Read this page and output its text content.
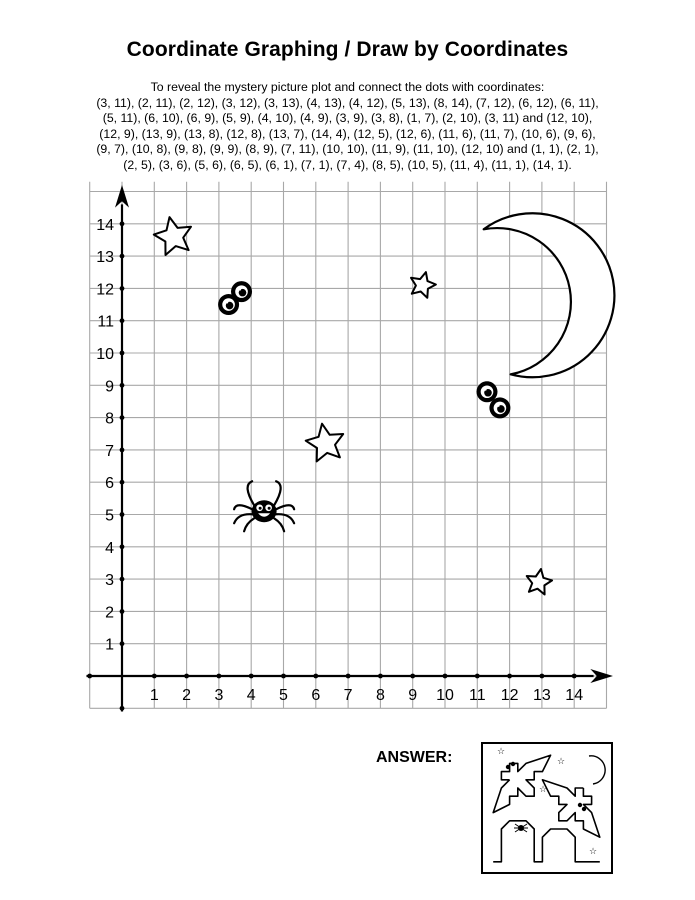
Coordinate Graphing / Draw by Coordinates

To reveal the mystery picture plot and connect the dots with coordinates:

(3, 11), (2, 11), (2, 12), (3, 12), (3, 13), (4, 13), (4, 12), (5, 13), (8, 14), (7, 12), (6, 12), (6, 11),

(5, 11), (6, 10), (6, 9), (5, 9), (4, 10), (4, 9), (3, 9), (3, 8), (1, 7), (2, 10), (3, 11) and (12, 10),

(12, 9), (13, 9), (13, 8), (12, 8), (13, 7), (14, 4), (12, 5), (12, 6), (11, 6), (11, 7), (10, 6), (9, 6),

(9, 7), (10, 8), (9, 8), (9, 9), (8, 9), (7, 11), (10, 10), (11, 9), (11, 10), (12, 10) and (1, 1), (2, 1),

(2, 5), (3, 6), (5, 6), (6, 5), (6, 1), (7, 1), (7, 4), (8, 5), (10, 5), (11, 4), (11, 1), (14, 1).

1 2 3 4 5 6 7 8 9 10 11 12 13 14
1
2
3
4
5
6
7
8
9
10
11
12
13
14
ANSWER:	☆
☆
☆
☆
